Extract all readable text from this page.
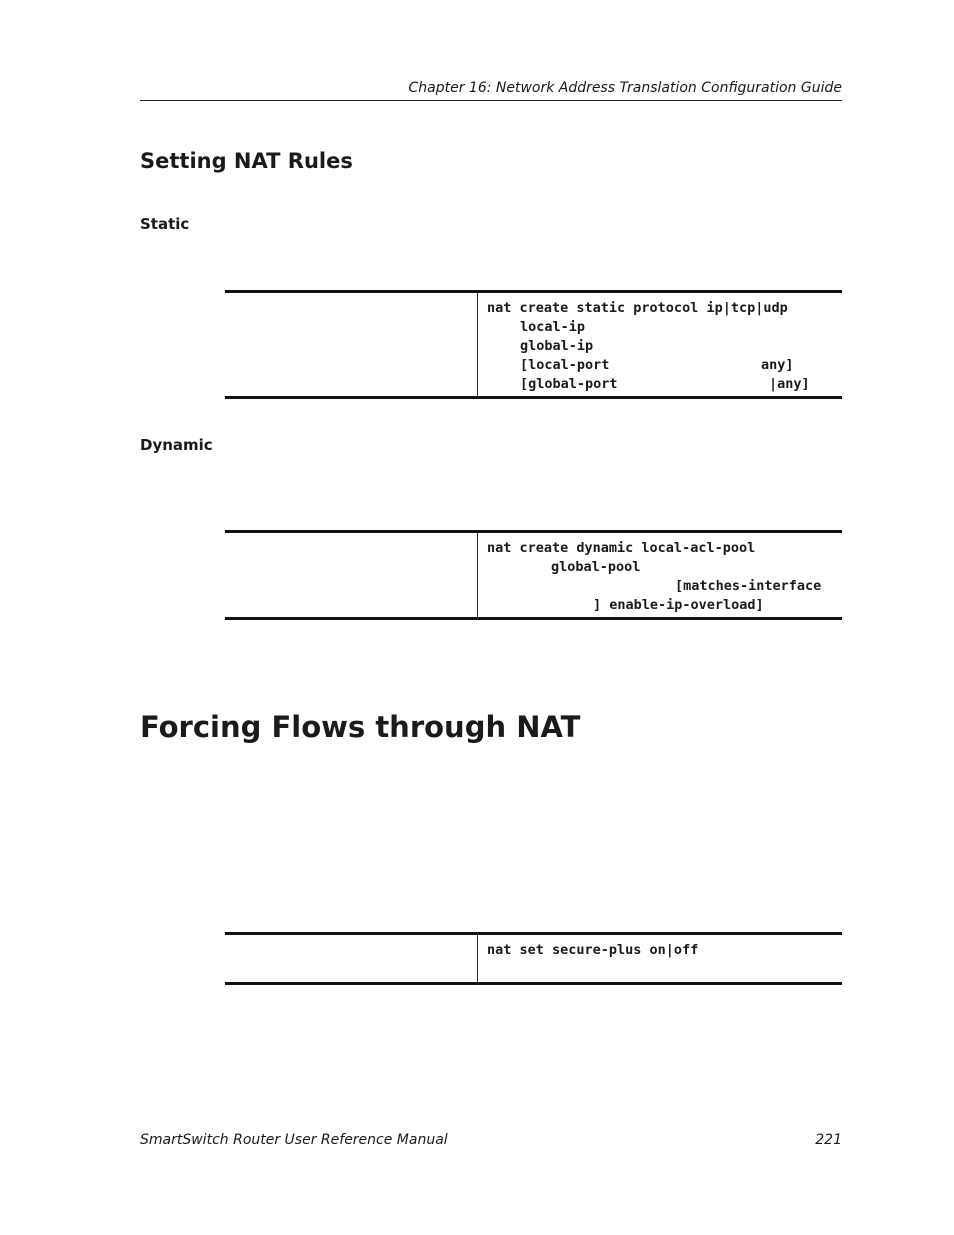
Chapter 16: Network Address Translation Configuration Guide
Setting NAT Rules
Static
nat create static protocol ip|tcp|udp
local-ip
global-ip
[local-port	any]
[global-port	|any]
Dynamic
nat create dynamic local-acl-pool
global-pool
[matches-interface
] enable-ip-overload]
Forcing Flows through NAT
nat set secure-plus on|off
SmartSwitch Router User Reference Manual	221
